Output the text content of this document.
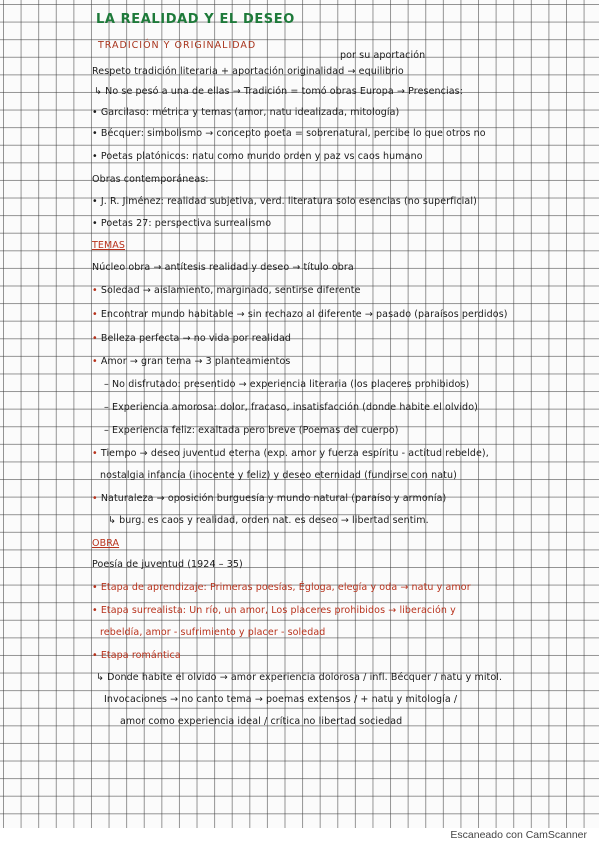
LA REALIDAD Y EL DESEO
TRADICIÓN Y ORIGINALIDAD
por su aportación
Respeto tradición literaria + aportación originalidad → equilibrio
↳ No se pesó a una de ellas → Tradición = tomó obras Europa → Presencias:
• Garcilaso: métrica y temas (amor, natu idealizada, mitología)
• Bécquer: simbolismo → concepto poeta = sobrenatural, percibe lo que otros no
• Poetas platónicos: natu como mundo orden y paz vs caos humano
Obras contemporáneas:
• J. R. Jiménez: realidad subjetiva, verd. literatura solo esencias (no superficial)
• Poetas 27: perspectiva surrealismo
TEMAS
Núcleo obra → antítesis realidad y deseo → título obra
• Soledad → aislamiento, marginado, sentirse diferente
• Encontrar mundo habitable → sin rechazo al diferente → pasado (paraísos perdidos)
• Belleza perfecta → no vida por realidad
• Amor → gran tema → 3 planteamientos
– No disfrutado: presentido → experiencia literaria (los placeres prohibidos)
– Experiencia amorosa: dolor, fracaso, insatisfacción (donde habite el olvido)
– Experiencia feliz: exaltada pero breve (Poemas del cuerpo)
• Tiempo → deseo juventud eterna (exp. amor y fuerza espíritu - actitud rebelde),
nostalgia infancia (inocente y feliz) y deseo eternidad (fundirse con natu)
• Naturaleza → oposición burguesía y mundo natural (paraíso y armonía)
↳ burg. es caos y realidad, orden nat. es deseo → libertad sentim.
OBRA
Poesía de juventud (1924 – 35)
• Etapa de aprendizaje: Primeras poesías, Égloga, elegía y oda → natu y amor
• Etapa surrealista: Un río, un amor, Los placeres prohibidos → liberación y
rebeldía, amor - sufrimiento y placer - soledad
• Etapa romántica
↳ Donde habite el olvido → amor experiencia dolorosa / infl. Bécquer / natu y mitol.
Invocaciones → no canto tema → poemas extensos / + natu y mitología /
amor como experiencia ideal / crítica no libertad sociedad
Escaneado con CamScanner
